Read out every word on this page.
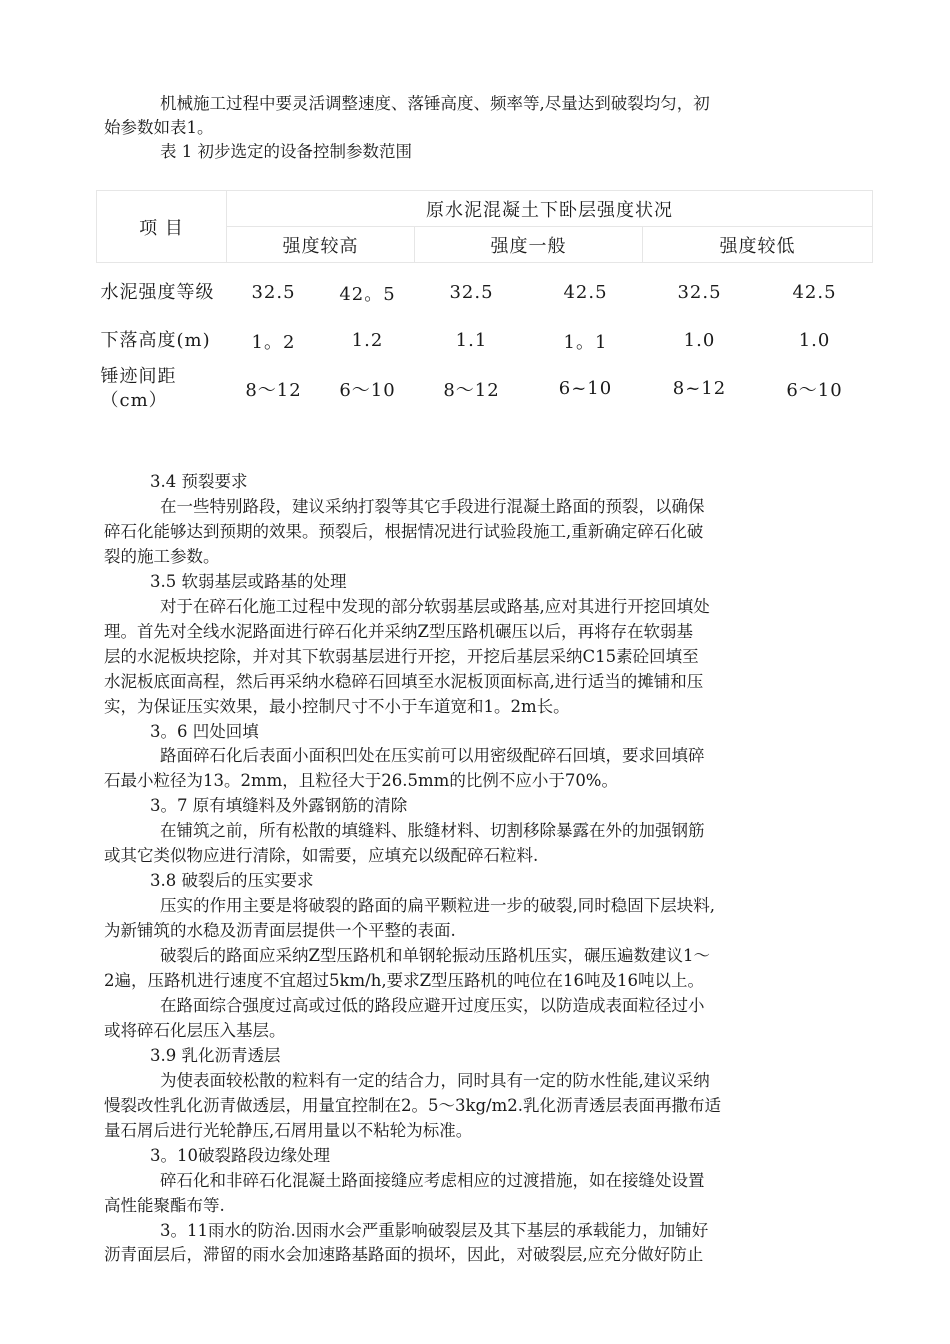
机械施工过程中要灵活调整速度、落锤高度、频率等,尽量达到破裂均匀，初
始参数如表1。
表 1 初步选定的设备控制参数范围
项 目	原水泥混凝土下卧层强度状况					
	强度较高		强度一般		强度较低	
水泥强度等级	32.5	42。5	32.5	42.5	32.5	42.5
下落高度(m)	1。2	1.2	1.1	1。1	1.0	1.0
锤迹间距（cm）	8～12	6～10	8～12	6~10	8~12	6～10
3.4 预裂要求
在一些特别路段，建议采纳打裂等其它手段进行混凝土路面的预裂，以确保
碎石化能够达到预期的效果。预裂后，根据情况进行试验段施工,重新确定碎石化破
裂的施工参数。
3.5 软弱基层或路基的处理
对于在碎石化施工过程中发现的部分软弱基层或路基,应对其进行开挖回填处
理。首先对全线水泥路面进行碎石化并采纳Z型压路机碾压以后，再将存在软弱基
层的水泥板块挖除，并对其下软弱基层进行开挖，开挖后基层采纳C15素砼回填至
水泥板底面高程，然后再采纳水稳碎石回填至水泥板顶面标高,进行适当的摊铺和压
实，为保证压实效果，最小控制尺寸不小于车道宽和1。2m长。
3。6 凹处回填
路面碎石化后表面小面积凹处在压实前可以用密级配碎石回填，要求回填碎
石最小粒径为13。2mm，且粒径大于26.5mm的比例不应小于70%。
3。7 原有填缝料及外露钢筋的清除
在铺筑之前，所有松散的填缝料、胀缝材料、切割移除暴露在外的加强钢筋
或其它类似物应进行清除，如需要，应填充以级配碎石粒料.
3.8 破裂后的压实要求
压实的作用主要是将破裂的路面的扁平颗粒进一步的破裂,同时稳固下层块料,
为新铺筑的水稳及沥青面层提供一个平整的表面.
破裂后的路面应采纳Z型压路机和单钢轮振动压路机压实，碾压遍数建议1～
2遍，压路机进行速度不宜超过5km/h,要求Z型压路机的吨位在16吨及16吨以上。
在路面综合强度过高或过低的路段应避开过度压实，以防造成表面粒径过小
或将碎石化层压入基层。
3.9 乳化沥青透层
为使表面较松散的粒料有一定的结合力，同时具有一定的防水性能,建议采纳
慢裂改性乳化沥青做透层，用量宜控制在2。5～3kg/m2.乳化沥青透层表面再撒布适
量石屑后进行光轮静压,石屑用量以不粘轮为标准。
3。10破裂路段边缘处理
碎石化和非碎石化混凝土路面接缝应考虑相应的过渡措施，如在接缝处设置
高性能聚酯布等.
3。11雨水的防治.因雨水会严重影响破裂层及其下基层的承载能力，加铺好
沥青面层后，滞留的雨水会加速路基路面的损坏，因此，对破裂层,应充分做好防止
